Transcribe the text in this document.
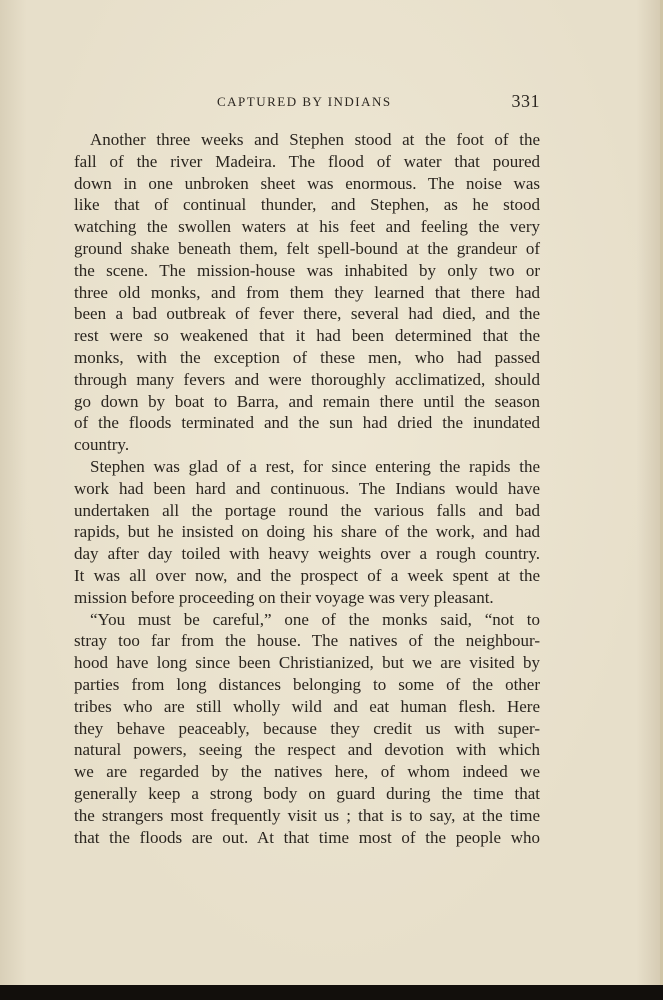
CAPTURED BY INDIANS	331
Another three weeks and Stephen stood at the foot of the
fall of the river Madeira. The flood of water that poured
down in one unbroken sheet was enormous. The noise was
like that of continual thunder, and Stephen, as he stood
watching the swollen waters at his feet and feeling the very
ground shake beneath them, felt spell-bound at the grandeur of
the scene. The mission-house was inhabited by only two or
three old monks, and from them they learned that there had
been a bad outbreak of fever there, several had died, and the
rest were so weakened that it had been determined that the
monks, with the exception of these men, who had passed
through many fevers and were thoroughly acclimatized, should
go down by boat to Barra, and remain there until the season
of the floods terminated and the sun had dried the inundated
country.
Stephen was glad of a rest, for since entering the rapids the
work had been hard and continuous. The Indians would have
undertaken all the portage round the various falls and bad
rapids, but he insisted on doing his share of the work, and had
day after day toiled with heavy weights over a rough country.
It was all over now, and the prospect of a week spent at the
mission before proceeding on their voyage was very pleasant.
“You must be careful,” one of the monks said, “not to
stray too far from the house. The natives of the neighbour-
hood have long since been Christianized, but we are visited by
parties from long distances belonging to some of the other
tribes who are still wholly wild and eat human flesh. Here
they behave peaceably, because they credit us with super-
natural powers, seeing the respect and devotion with which
we are regarded by the natives here, of whom indeed we
generally keep a strong body on guard during the time that
the strangers most frequently visit us ; that is to say, at the time
that the floods are out. At that time most of the people who
